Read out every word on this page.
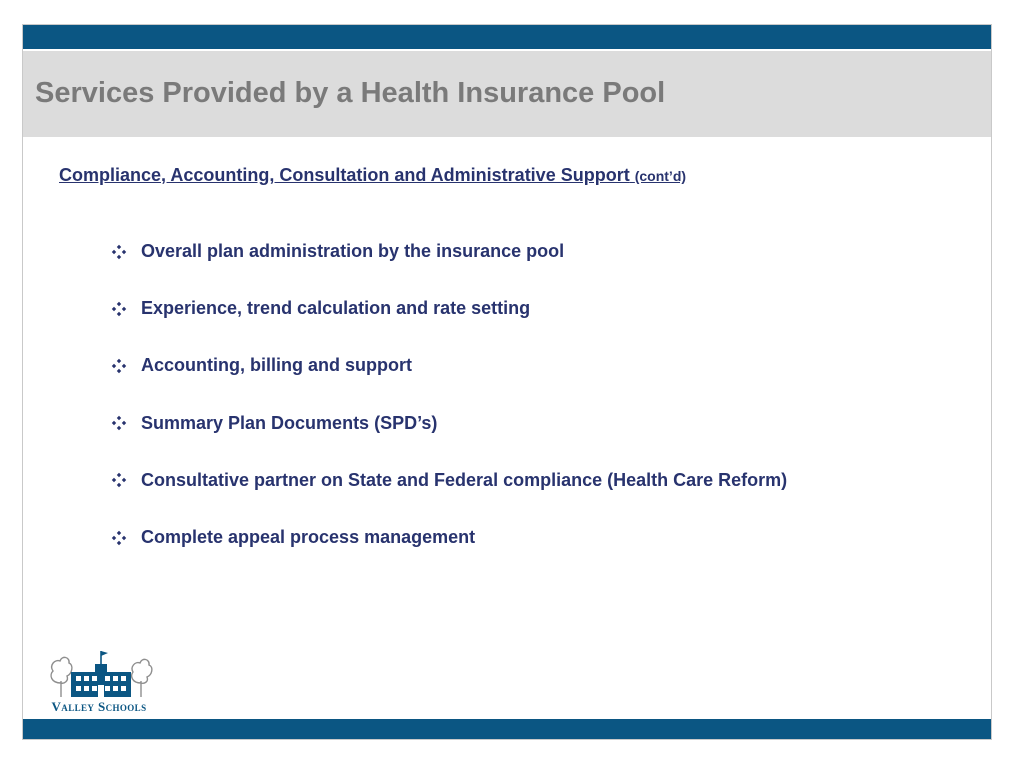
Services Provided by a Health Insurance Pool

Compliance, Accounting, Consultation and Administrative Support (cont’d)

Overall plan administration by the insurance pool
Experience, trend calculation and rate setting
Accounting, billing and support
Summary Plan Documents (SPD’s)
Consultative partner on State and Federal compliance (Health Care Reform)
Complete appeal process management
Valley Schools
